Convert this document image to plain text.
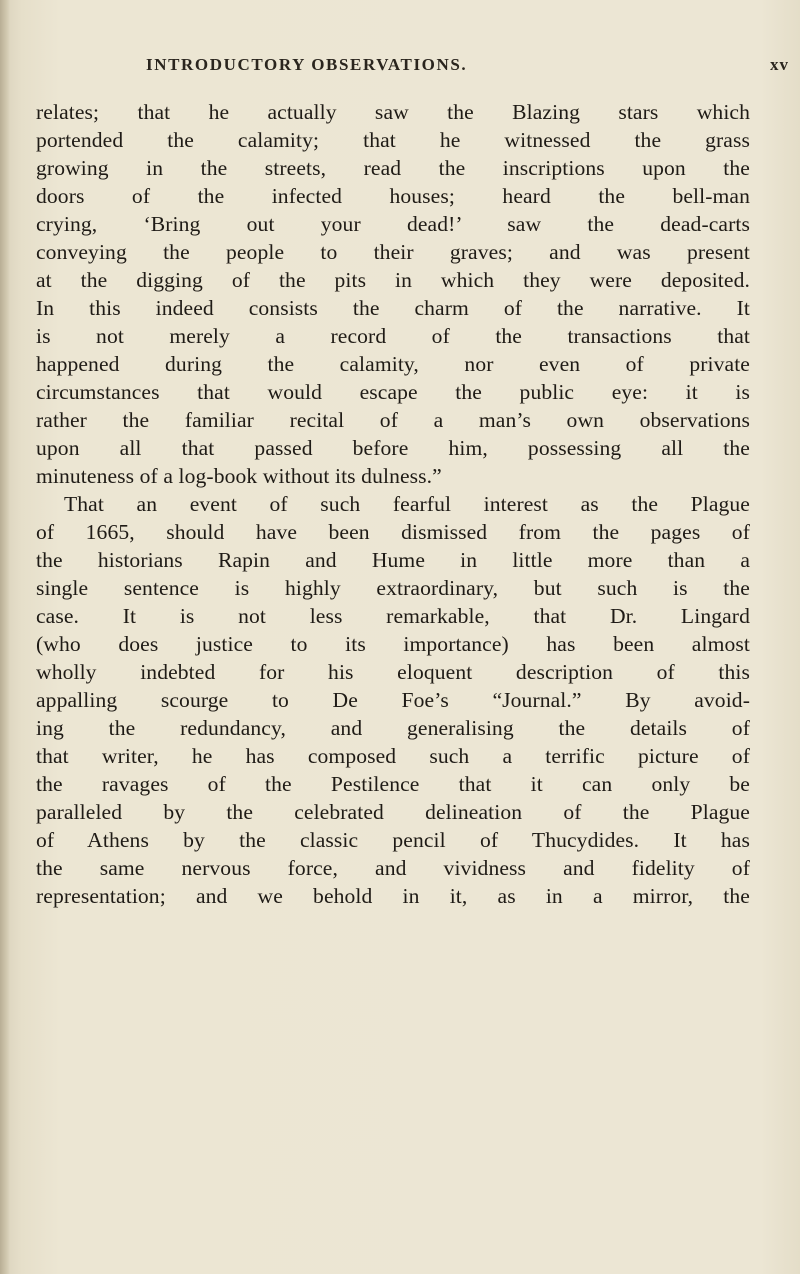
INTRODUCTORY OBSERVATIONS.	xv
relates; that he actually saw the Blazing stars which
portended the calamity; that he witnessed the grass
growing in the streets, read the inscriptions upon the
doors of the infected houses; heard the bell-man
crying, ‘Bring out your dead!’ saw the dead-carts
conveying the people to their graves; and was present
at the digging of the pits in which they were deposited.
In this indeed consists the charm of the narrative. It
is not merely a record of the transactions that
happened during the calamity, nor even of private
circumstances that would escape the public eye: it is
rather the familiar recital of a man’s own observations
upon all that passed before him, possessing all the
minuteness of a log-book without its dulness.”
That an event of such fearful interest as the Plague
of 1665, should have been dismissed from the pages of
the historians Rapin and Hume in little more than a
single sentence is highly extraordinary, but such is the
case. It is not less remarkable, that Dr. Lingard
(who does justice to its importance) has been almost
wholly indebted for his eloquent description of this
appalling scourge to De Foe’s “Journal.” By avoid-
ing the redundancy, and generalising the details of
that writer, he has composed such a terrific picture of
the ravages of the Pestilence that it can only be
paralleled by the celebrated delineation of the Plague
of Athens by the classic pencil of Thucydides. It has
the same nervous force, and vividness and fidelity of
representation; and we behold in it, as in a mirror, the
